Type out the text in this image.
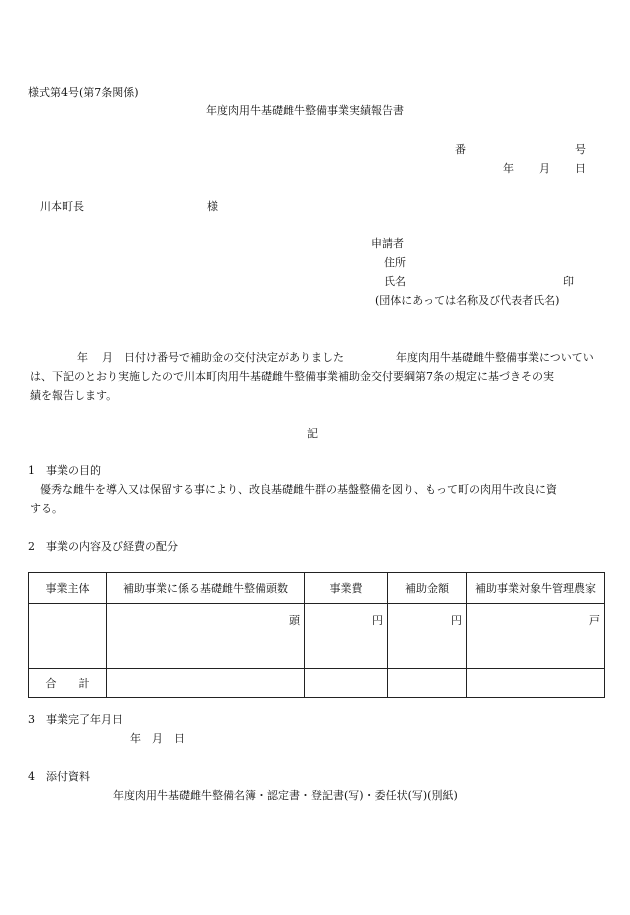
様式第4号(第7条関係)
年度肉用牛基礎雌牛整備事業実績報告書
番	号
年 月 日
川本町長	様
申請者
住所
氏名	印
(団体にあっては名称及び代表者氏名)
年 月 日付け番号で補助金の交付決定がありました	年度肉用牛基礎雌牛整備事業についてい
は、下記のとおり実施したので川本町肉用牛基礎雌牛整備事業補助金交付要綱第7条の規定に基づきその実
績を報告します。
記
1　事業の目的
優秀な雌牛を導入又は保留する事により、改良基礎雌牛群の基盤整備を図り、もって町の肉用牛改良に資
する。
2　事業の内容及び経費の配分
事業主体	補助事業に係る基礎雌牛整備頭数	事業費	補助金額	補助事業対象牛管理農家
	頭	円	円	戸
合　　計				
3　事業完了年月日
年　月　日
4　添付資料
年度肉用牛基礎雌牛整備名簿・認定書・登記書(写)・委任状(写)(別紙)
